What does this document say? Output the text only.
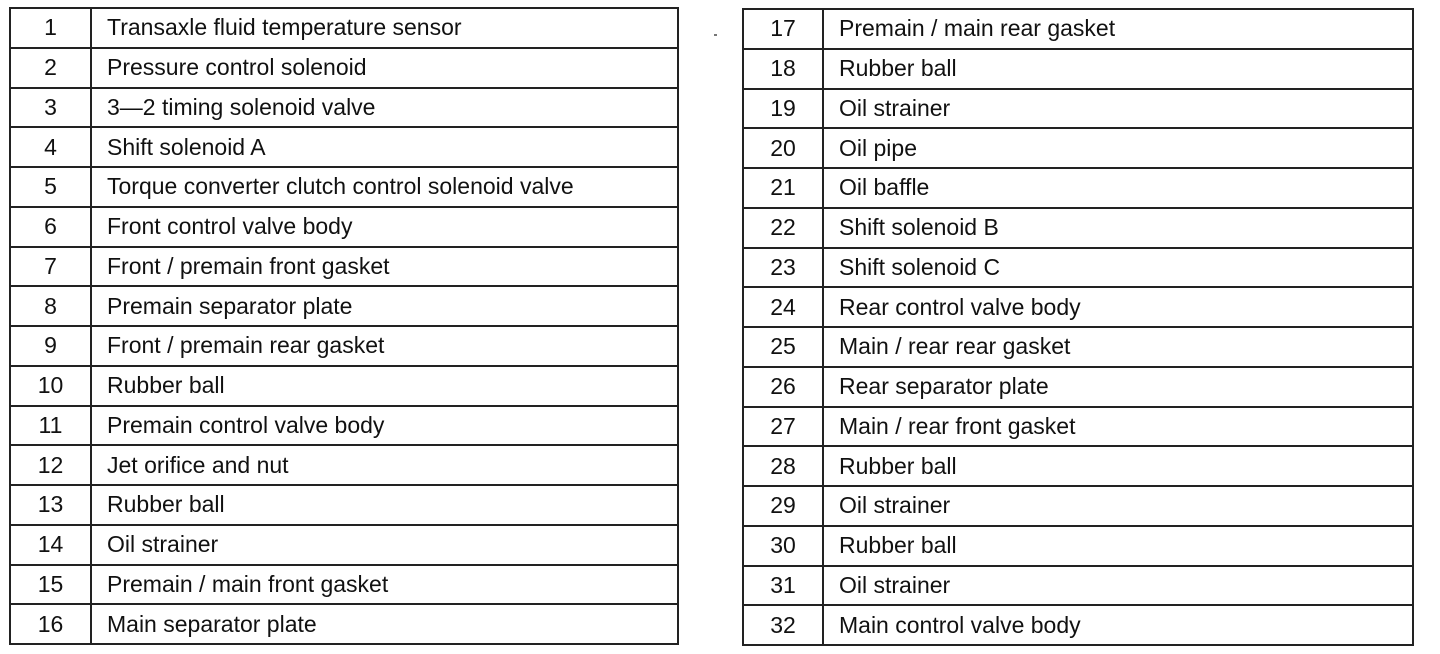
1	Transaxle fluid temperature sensor
2	Pressure control solenoid
3	3—2 timing solenoid valve
4	Shift solenoid A
5	Torque converter clutch control solenoid valve
6	Front control valve body
7	Front / premain front gasket
8	Premain separator plate
9	Front / premain rear gasket
10	Rubber ball
11	Premain control valve body
12	Jet orifice and nut
13	Rubber ball
14	Oil strainer
15	Premain / main front gasket
16	Main separator plate
17	Premain / main rear gasket
18	Rubber ball
19	Oil strainer
20	Oil pipe
21	Oil baffle
22	Shift solenoid B
23	Shift solenoid C
24	Rear control valve body
25	Main / rear rear gasket
26	Rear separator plate
27	Main / rear front gasket
28	Rubber ball
29	Oil strainer
30	Rubber ball
31	Oil strainer
32	Main control valve body
